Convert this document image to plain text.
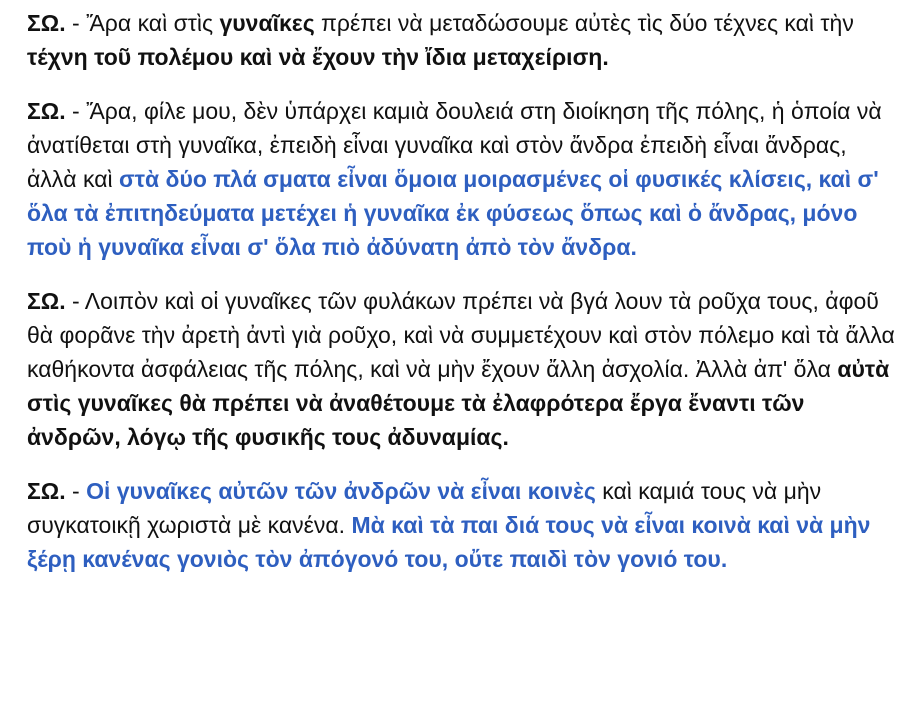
ΣΩ. - Ἄρα καὶ στὶς γυναῖκες πρέπει νὰ μεταδώσουμε αὐτὲς τὶς δύο τέχνες καὶ τὴν τέχνη τοῦ πολέμου καὶ νὰ ἔχουν τὴν ἴδια μεταχείριση.

ΣΩ. - Ἄρα, φίλε μου, δὲν ὑπάρχει καμιὰ δουλειά στη διοίκηση τῆς πόλης, ἡ ὁποία νὰ ἀνατίθεται στὴ γυναῖκα, ἐπειδὴ εἶναι γυναῖκα καὶ στὸν ἄνδρα ἐπειδὴ εἶναι ἄνδρας, ἀλλὰ καὶ στὰ δύο πλά σματα εἶναι ὅμοια μοιρασμένες οἱ φυσικές κλίσεις, καὶ σ' ὅλα τὰ ἐπιτηδεύματα μετέχει ἡ γυναῖκα ἐκ φύσεως ὅπως καὶ ὁ ἄνδρας, μόνο ποὺ ἡ γυναῖκα εἶναι σ' ὅλα πιὸ ἀδύνατη ἀπὸ τὸν ἄνδρα.

ΣΩ. - Λοιπὸν καὶ οἱ γυναῖκες τῶν φυλάκων πρέπει νὰ βγά λουν τὰ ροῦχα τους, ἀφοῦ θὰ φορᾶνε τὴν ἀρετὴ ἀντὶ γιὰ ροῦχο, καὶ νὰ συμμετέχουν καὶ στὸν πόλεμο καὶ τὰ ἄλλα καθήκοντα ἀσφάλειας τῆς πόλης, καὶ νὰ μὴν ἔχουν ἄλλη ἀσχολία. Ἀλλὰ ἀπ' ὅλα αὐτὰ στὶς γυναῖκες θὰ πρέπει νὰ ἀναθέτουμε τὰ ἐλαφρότερα ἔργα ἔναντι τῶν ἀνδρῶν, λόγῳ τῆς φυσικῆς τους ἀδυναμίας.

ΣΩ. - Οἱ γυναῖκες αὐτῶν τῶν ἀνδρῶν νὰ εἶναι κοινὲς καὶ καμιά τους νὰ μὴν συγκατοικῇ χωριστὰ μὲ κανένα. Μὰ καὶ τὰ παι διά τους νὰ εἶναι κοινὰ καὶ νὰ μὴν ξέρῃ κανένας γονιὸς τὸν ἀπόγονό του, οὔτε παιδὶ τὸν γονιό του.
